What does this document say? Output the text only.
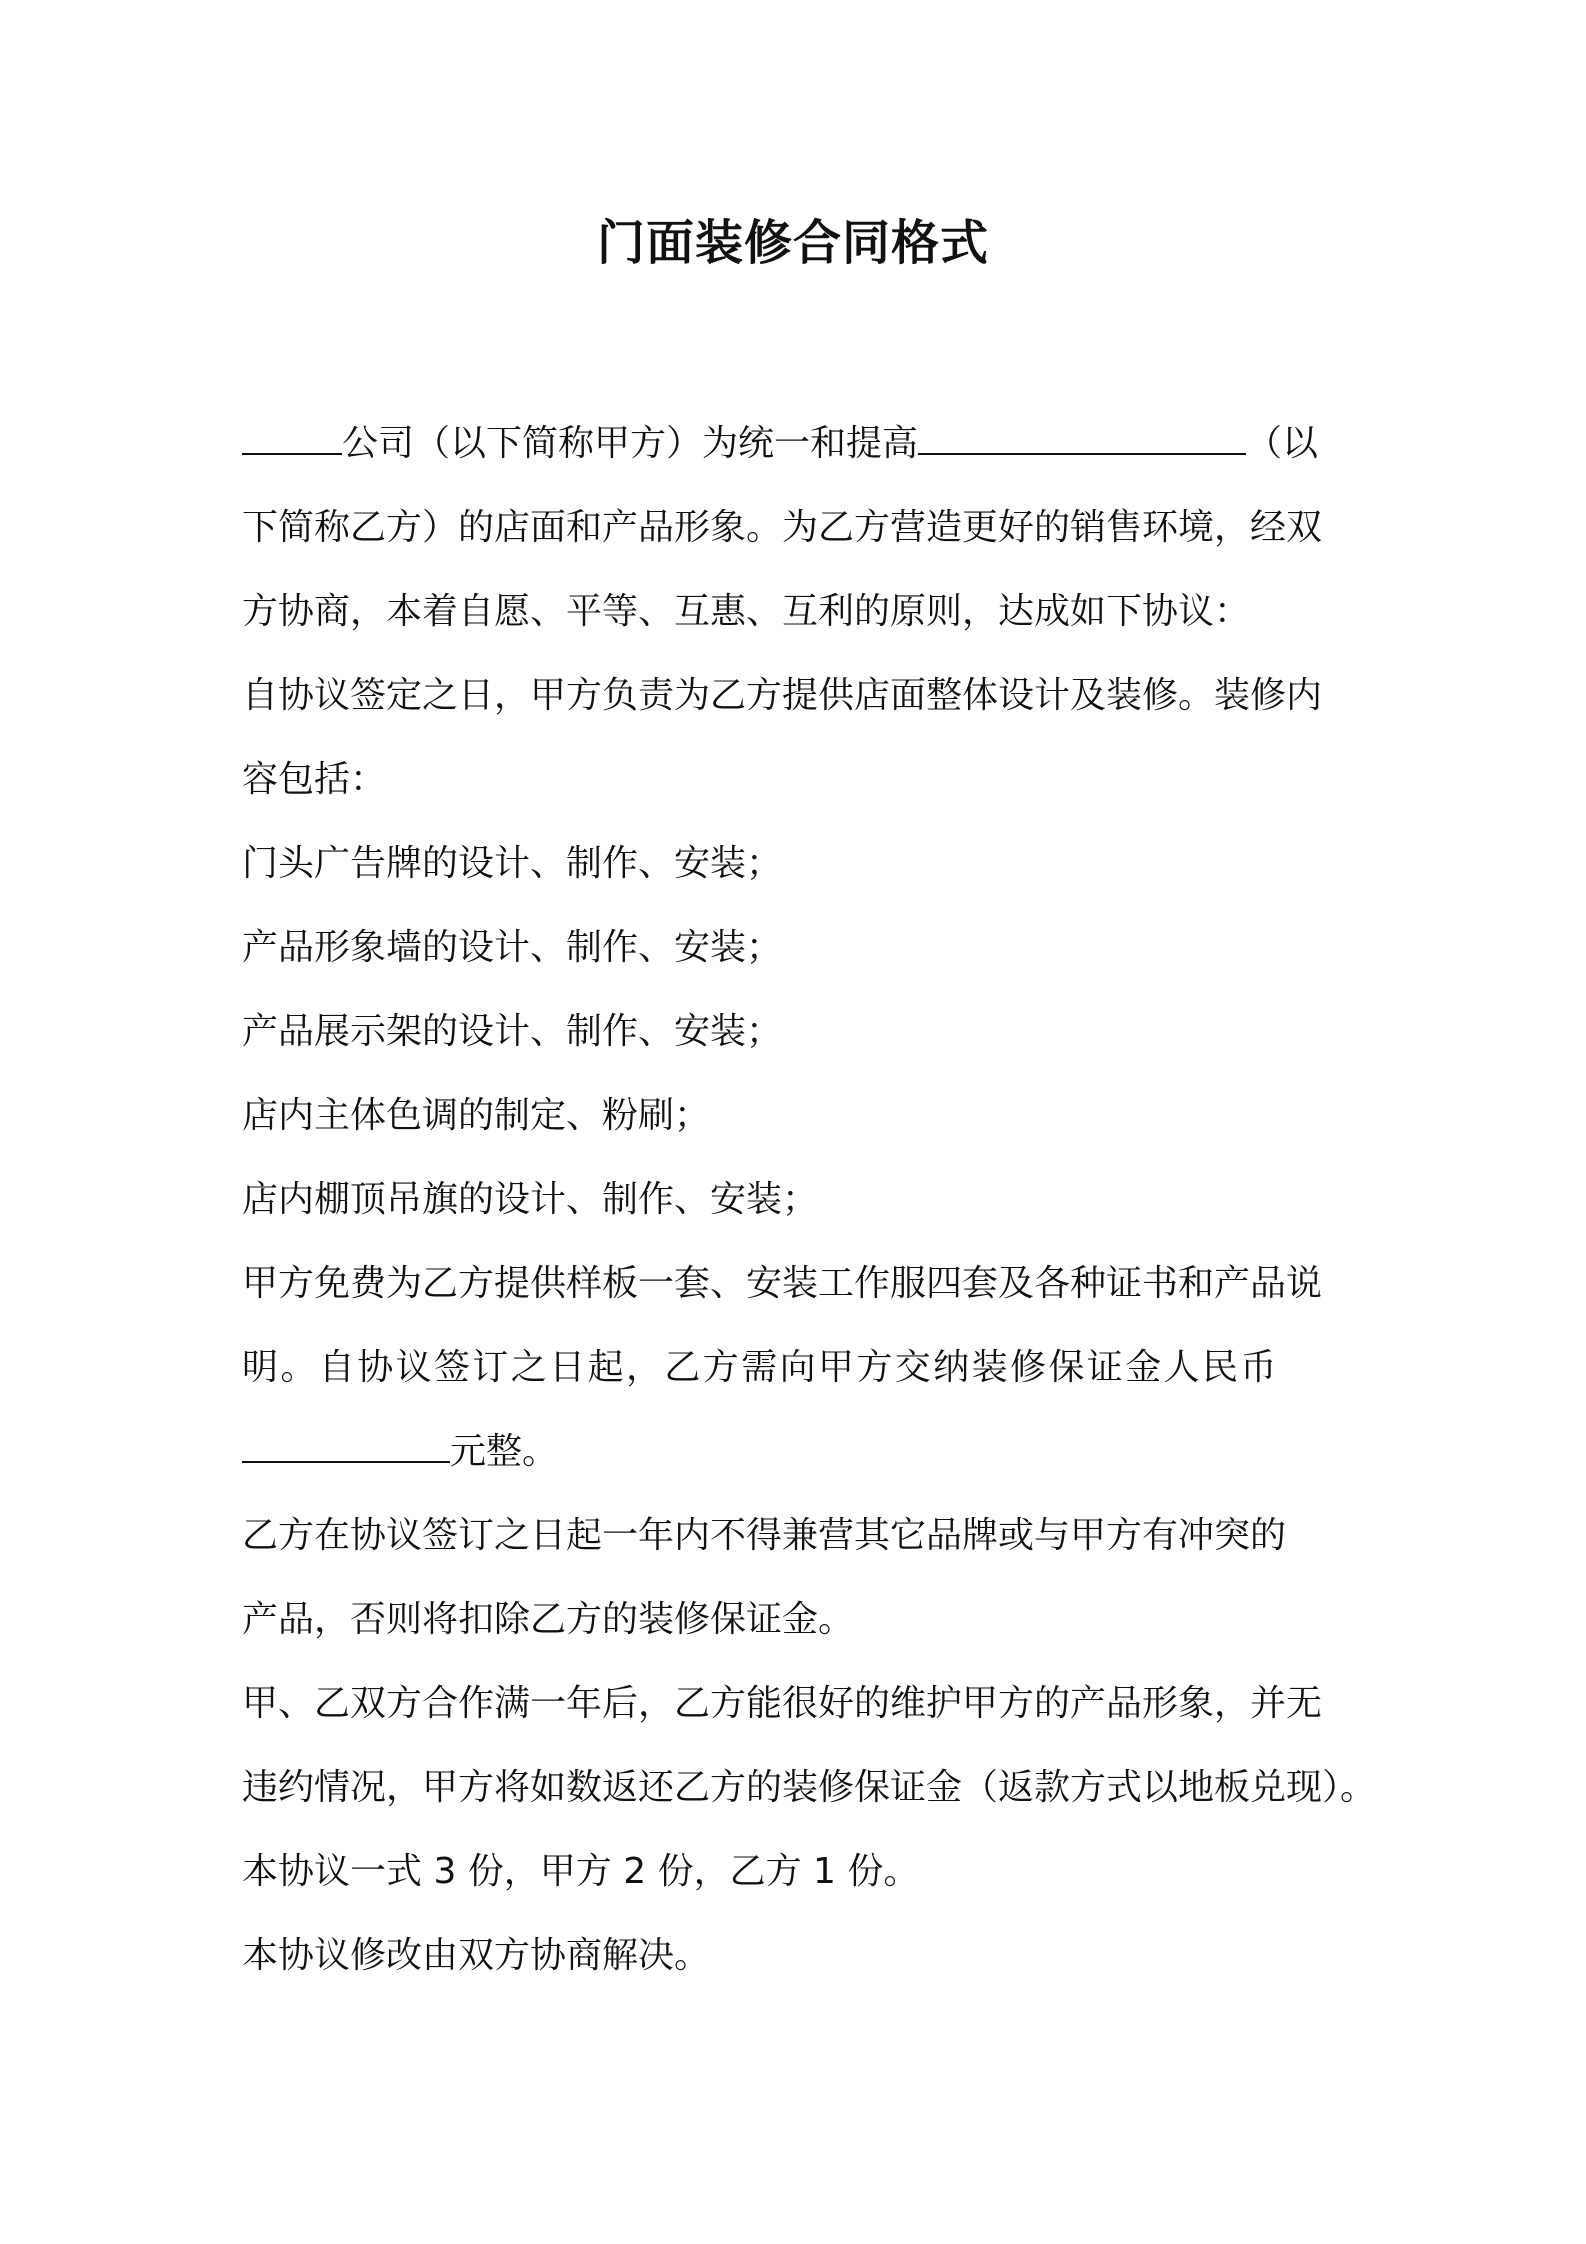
门面装修合同格式

公司（以下简称甲方）为统一和提高	（以

下简称乙方）的店面和产品形象。为乙方营造更好的销售环境，经双

方协商，本着自愿、平等、互惠、互利的原则，达成如下协议：

自协议签定之日，甲方负责为乙方提供店面整体设计及装修。装修内

容包括：

门头广告牌的设计、制作、安装；

产品形象墙的设计、制作、安装；

产品展示架的设计、制作、安装；

店内主体色调的制定、粉刷；

店内棚顶吊旗的设计、制作、安装；

甲方免费为乙方提供样板一套、安装工作服四套及各种证书和产品说

明。自协议签订之日起，乙方需向甲方交纳装修保证金人民币

元整。

乙方在协议签订之日起一年内不得兼营其它品牌或与甲方有冲突的

产品，否则将扣除乙方的装修保证金。

甲、乙双方合作满一年后，乙方能很好的维护甲方的产品形象，并无

违约情况，甲方将如数返还乙方的装修保证金（返款方式以地板兑现）。

本协议一式 3 份，甲方 2 份，乙方 1 份。

本协议修改由双方协商解决。
